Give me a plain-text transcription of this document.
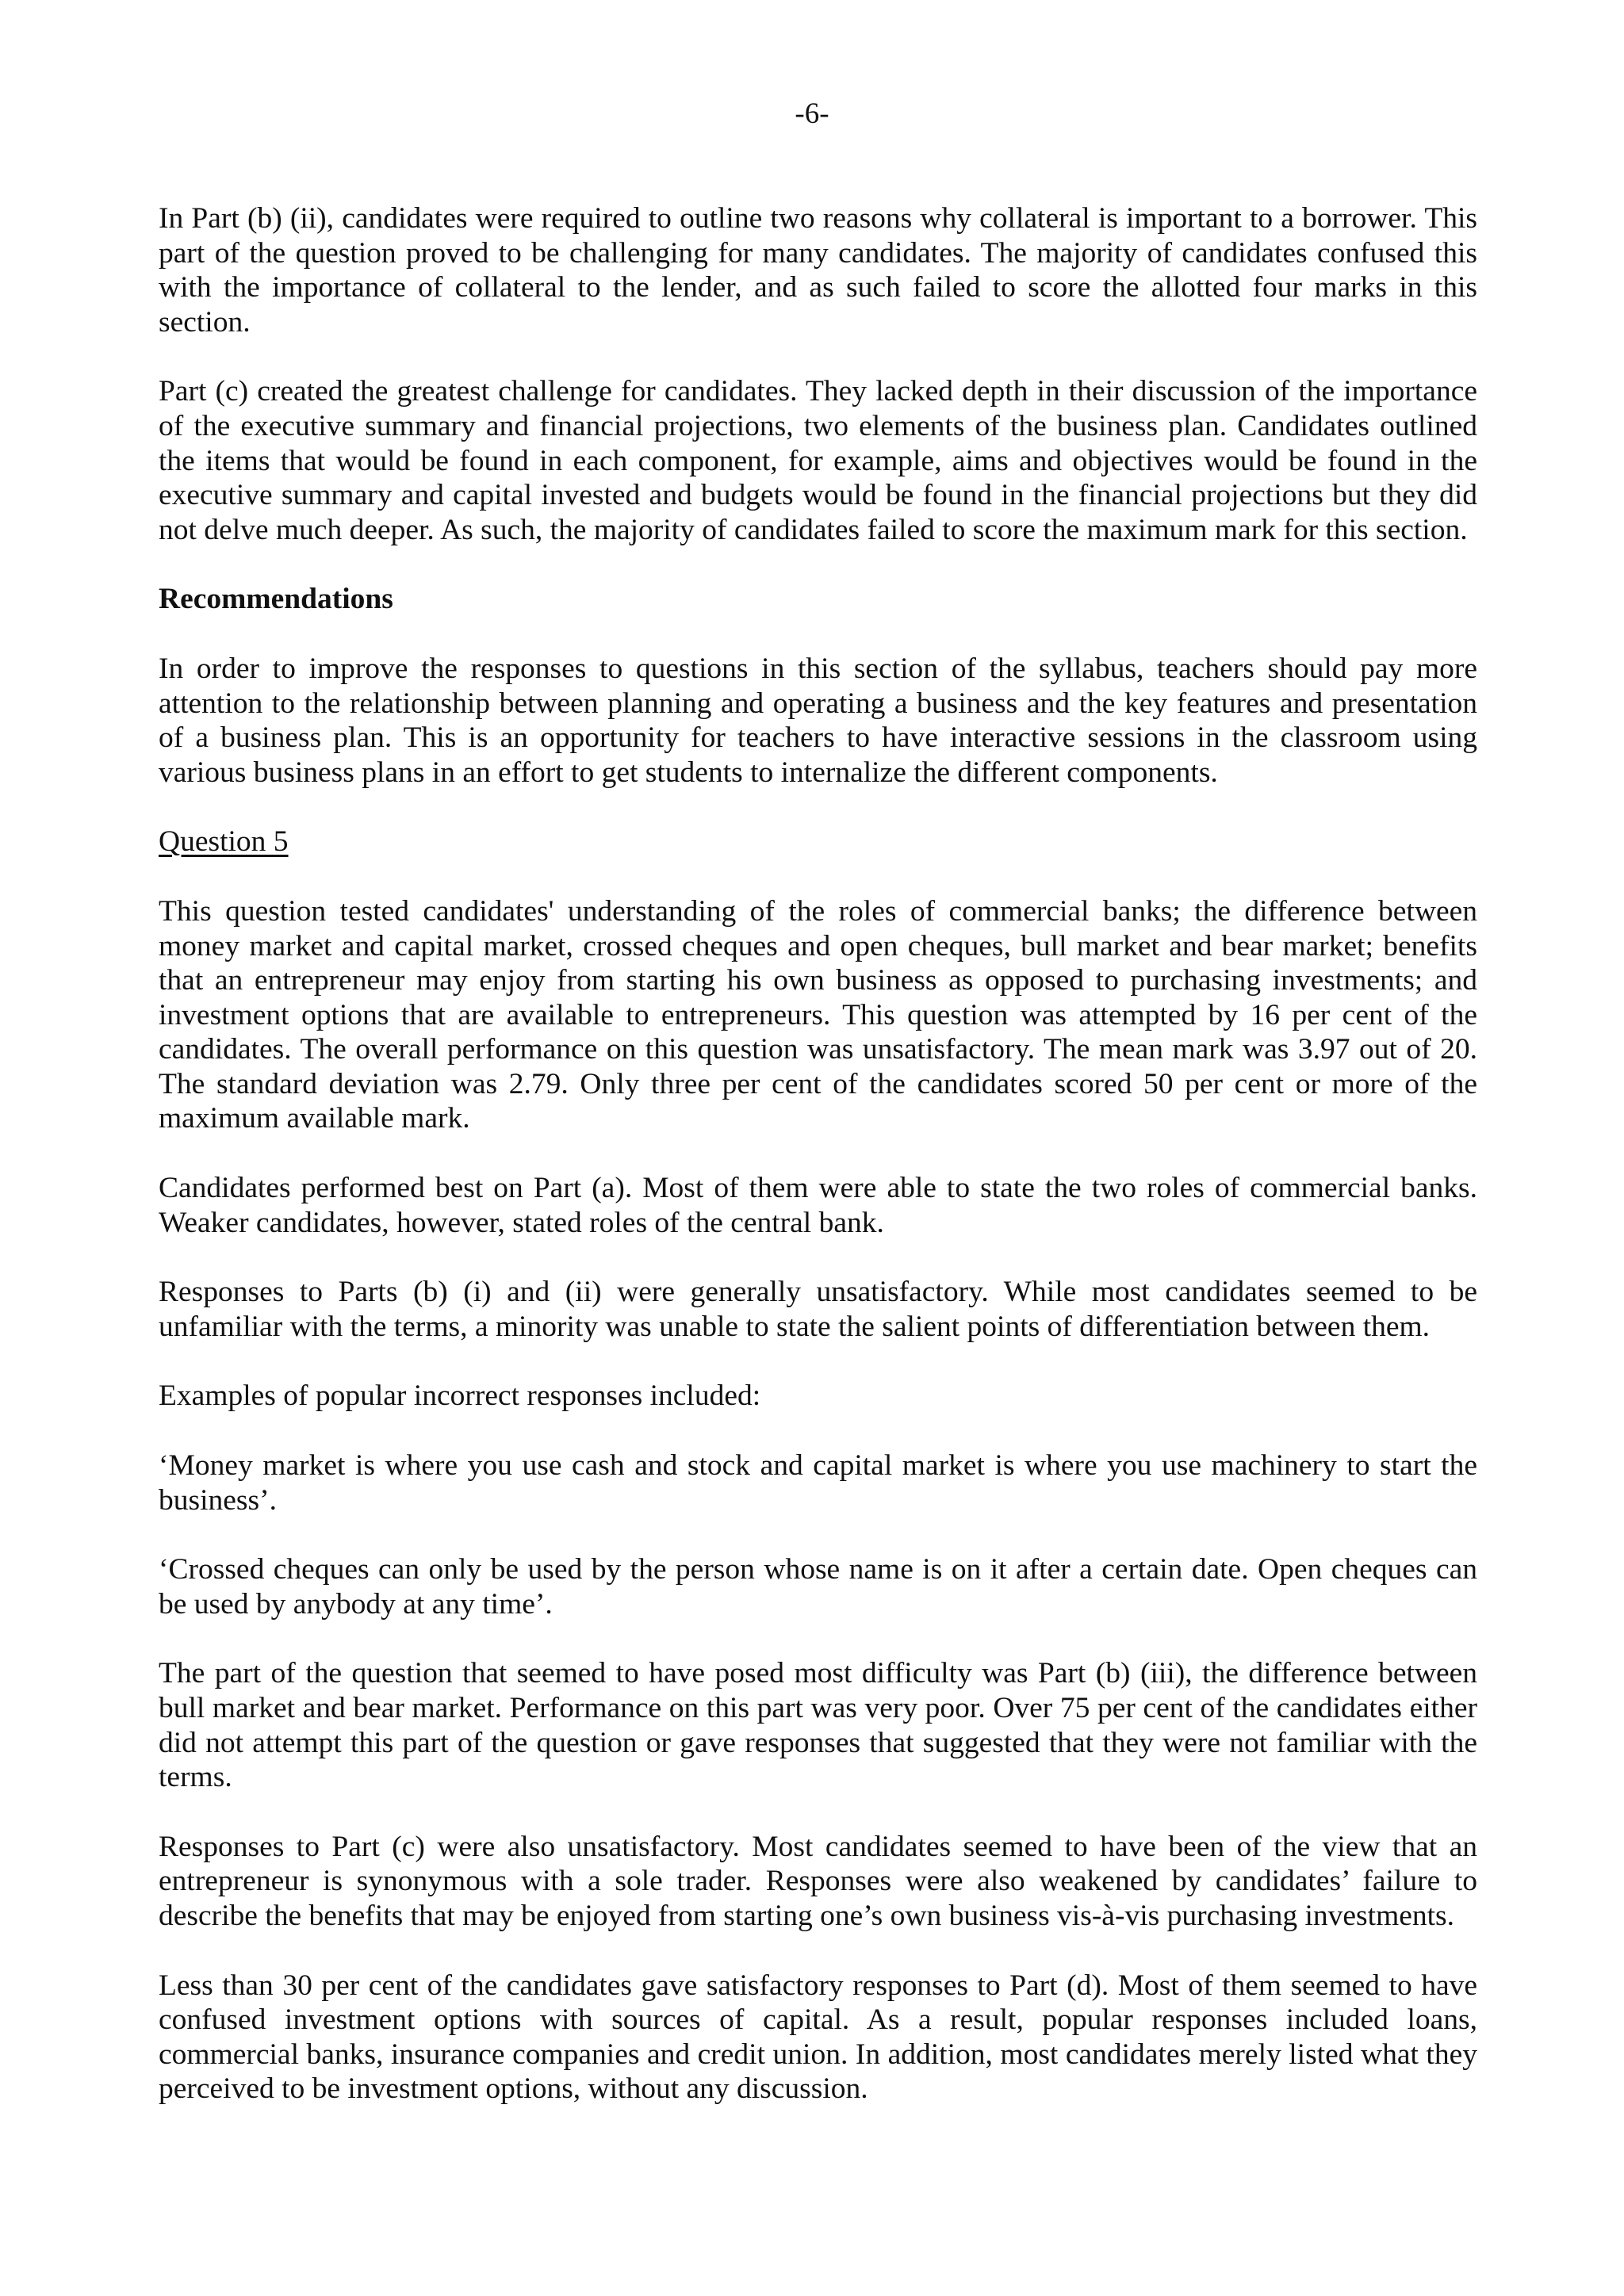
-6-

In Part (b) (ii), candidates were required to outline two reasons why collateral is important to a borrower. This part of the question proved to be challenging for many candidates. The majority of candidates confused this with the importance of collateral to the lender, and as such failed to score the allotted four marks in this section.

Part (c) created the greatest challenge for candidates. They lacked depth in their discussion of the importance of the executive summary and financial projections, two elements of the business plan. Candidates outlined the items that would be found in each component, for example, aims and objectives would be found in the executive summary and capital invested and budgets would be found in the financial projections but they did not delve much deeper. As such, the majority of candidates failed to score the maximum mark for this section.

Recommendations

In order to improve the responses to questions in this section of the syllabus, teachers should pay more attention to the relationship between planning and operating a business and the key features and presentation of a business plan. This is an opportunity for teachers to have interactive sessions in the classroom using various business plans in an effort to get students to internalize the different components.

Question 5

This question tested candidates' understanding of the roles of commercial banks; the difference between money market and capital market, crossed cheques and open cheques, bull market and bear market; benefits that an entrepreneur may enjoy from starting his own business as opposed to purchasing investments; and investment options that are available to entrepreneurs. This question was attempted by 16 per cent of the candidates. The overall performance on this question was unsatisfactory. The mean mark was 3.97 out of 20. The standard deviation was 2.79. Only three per cent of the candidates scored 50 per cent or more of the maximum available mark.

Candidates performed best on Part (a). Most of them were able to state the two roles of commercial banks. Weaker candidates, however, stated roles of the central bank.

Responses to Parts (b) (i) and (ii) were generally unsatisfactory. While most candidates seemed to be unfamiliar with the terms, a minority was unable to state the salient points of differentiation between them.

Examples of popular incorrect responses included:

‘Money market is where you use cash and stock and capital market is where you use machinery to start the business’.

‘Crossed cheques can only be used by the person whose name is on it after a certain date. Open cheques can be used by anybody at any time’.

The part of the question that seemed to have posed most difficulty was Part (b) (iii), the difference between bull market and bear market. Performance on this part was very poor. Over 75 per cent of the candidates either did not attempt this part of the question or gave responses that suggested that they were not familiar with the terms.

Responses to Part (c) were also unsatisfactory. Most candidates seemed to have been of the view that an entrepreneur is synonymous with a sole trader. Responses were also weakened by candidates’ failure to describe the benefits that may be enjoyed from starting one’s own business vis-à-vis purchasing investments.

Less than 30 per cent of the candidates gave satisfactory responses to Part (d). Most of them seemed to have confused investment options with sources of capital. As a result, popular responses included loans, commercial banks, insurance companies and credit union. In addition, most candidates merely listed what they perceived to be investment options, without any discussion.
